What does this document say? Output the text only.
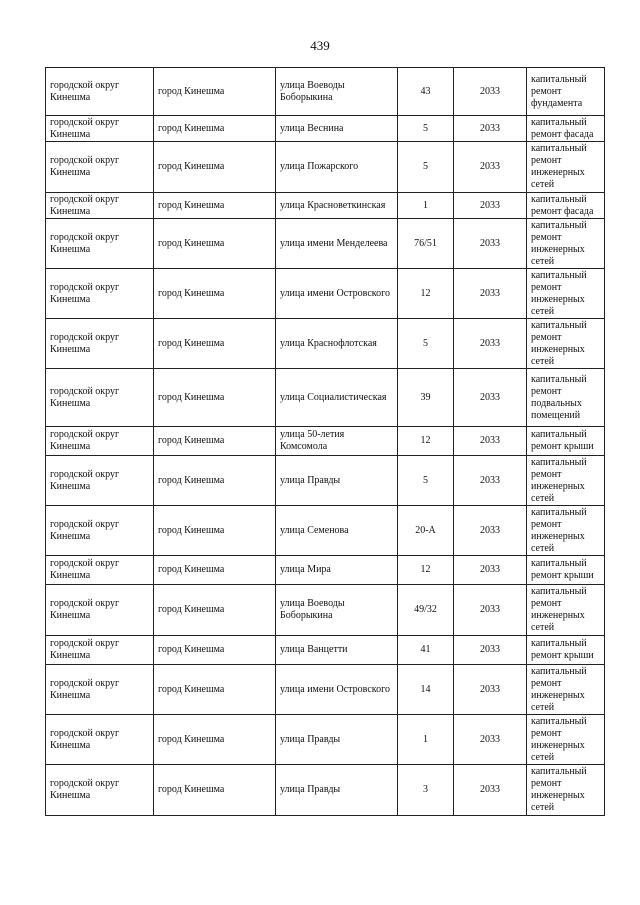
439
городской округ Кинешма	город Кинешма	улица Воеводы Боборыкина	43	2033	капитальный ремонт фундамента
городской округ Кинешма	город Кинешма	улица Веснина	5	2033	капитальный ремонт фасада
городской округ Кинешма	город Кинешма	улица Пожарского	5	2033	капитальный ремонт инженерных сетей
городской округ Кинешма	город Кинешма	улица Красноветкинская	1	2033	капитальный ремонт фасада
городской округ Кинешма	город Кинешма	улица имени Менделеева	76/51	2033	капитальный ремонт инженерных сетей
городской округ Кинешма	город Кинешма	улица имени Островского	12	2033	капитальный ремонт инженерных сетей
городской округ Кинешма	город Кинешма	улица Краснофлотская	5	2033	капитальный ремонт инженерных сетей
городской округ Кинешма	город Кинешма	улица Социалистическая	39	2033	капитальный ремонт подвальных помещений
городской округ Кинешма	город Кинешма	улица 50-летия Комсомола	12	2033	капитальный ремонт крыши
городской округ Кинешма	город Кинешма	улица Правды	5	2033	капитальный ремонт инженерных сетей
городской округ Кинешма	город Кинешма	улица Семенова	20-А	2033	капитальный ремонт инженерных сетей
городской округ Кинешма	город Кинешма	улица Мира	12	2033	капитальный ремонт крыши
городской округ Кинешма	город Кинешма	улица Воеводы Боборыкина	49/32	2033	капитальный ремонт инженерных сетей
городской округ Кинешма	город Кинешма	улица Ванцетти	41	2033	капитальный ремонт крыши
городской округ Кинешма	город Кинешма	улица имени Островского	14	2033	капитальный ремонт инженерных сетей
городской округ Кинешма	город Кинешма	улица Правды	1	2033	капитальный ремонт инженерных сетей
городской округ Кинешма	город Кинешма	улица Правды	3	2033	капитальный ремонт инженерных сетей
